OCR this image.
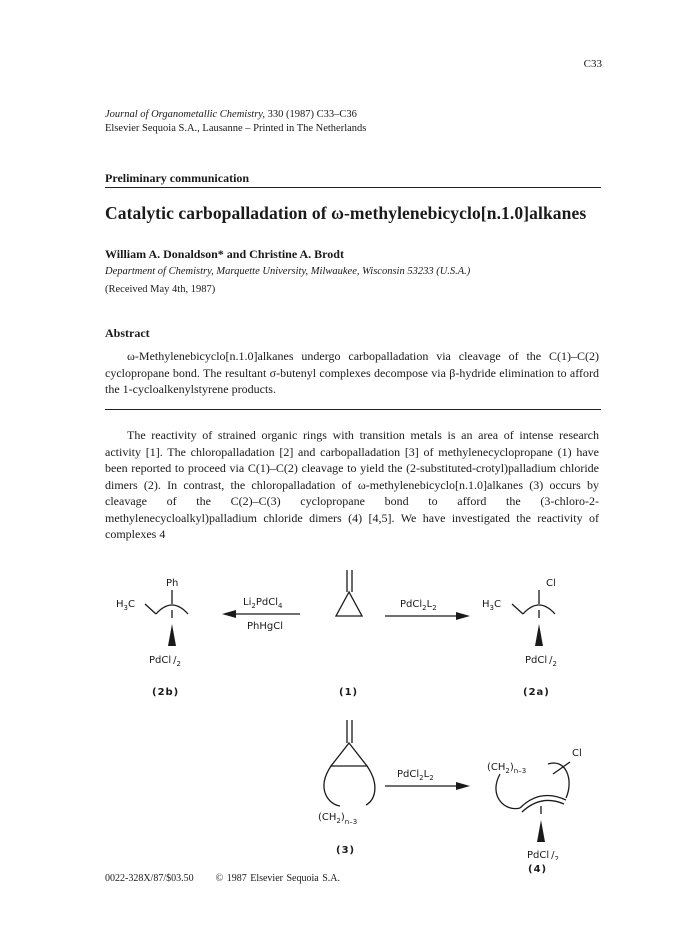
C33
Journal of Organometallic Chemistry, 330 (1987) C33–C36
Elsevier Sequoia S.A., Lausanne – Printed in The Netherlands
Preliminary communication
Catalytic carbopalladation of ω-methylenebicyclo[n.1.0]alkanes
William A. Donaldson* and Christine A. Brodt
Department of Chemistry, Marquette University, Milwaukee, Wisconsin 53233 (U.S.A.)
(Received May 4th, 1987)
Abstract

ω-Methylenebicyclo[n.1.0]alkanes undergo carbopalladation via cleavage of the C(1)–C(2) cyclopropane bond. The resultant σ-butenyl complexes decompose via β-hydride elimination to afford the 1-cycloalkenylstyrene products.

The reactivity of strained organic rings with transition metals is an area of intense research activity [1]. The chloropalladation [2] and carbopalladation [3] of methylenecyclopropane (1) have been reported to proceed via C(1)–C(2) cleavage to yield the (2-substituted-crotyl)palladium chloride dimers (2). In contrast, the chloropalladation of ω-methylenebicyclo[n.1.0]alkanes (3) occurs by cleavage of the C(2)–C(3) cyclopropane bond to afford the (3-chloro-2-methylenecycloalkyl)palladium chloride dimers (4) [4,5]. We have investigated the reactivity of complexes 4

Ph
$H_3C$
PdCl $/_2$
(2b)
$Li_2PdCl_4$
PhHgCl
(1)
$PdCl_2L_2$
Cl
$H_3C$
PdCl $/_2$
(2a)
$(CH_2)_{n-3}$
(3)
$PdCl_2L_2$
Cl
$(CH_2)_{n-3}$
PdCl $/_2$
(4)
0022-328X/87/$03.50 © 1987 Elsevier Sequoia S.A.
